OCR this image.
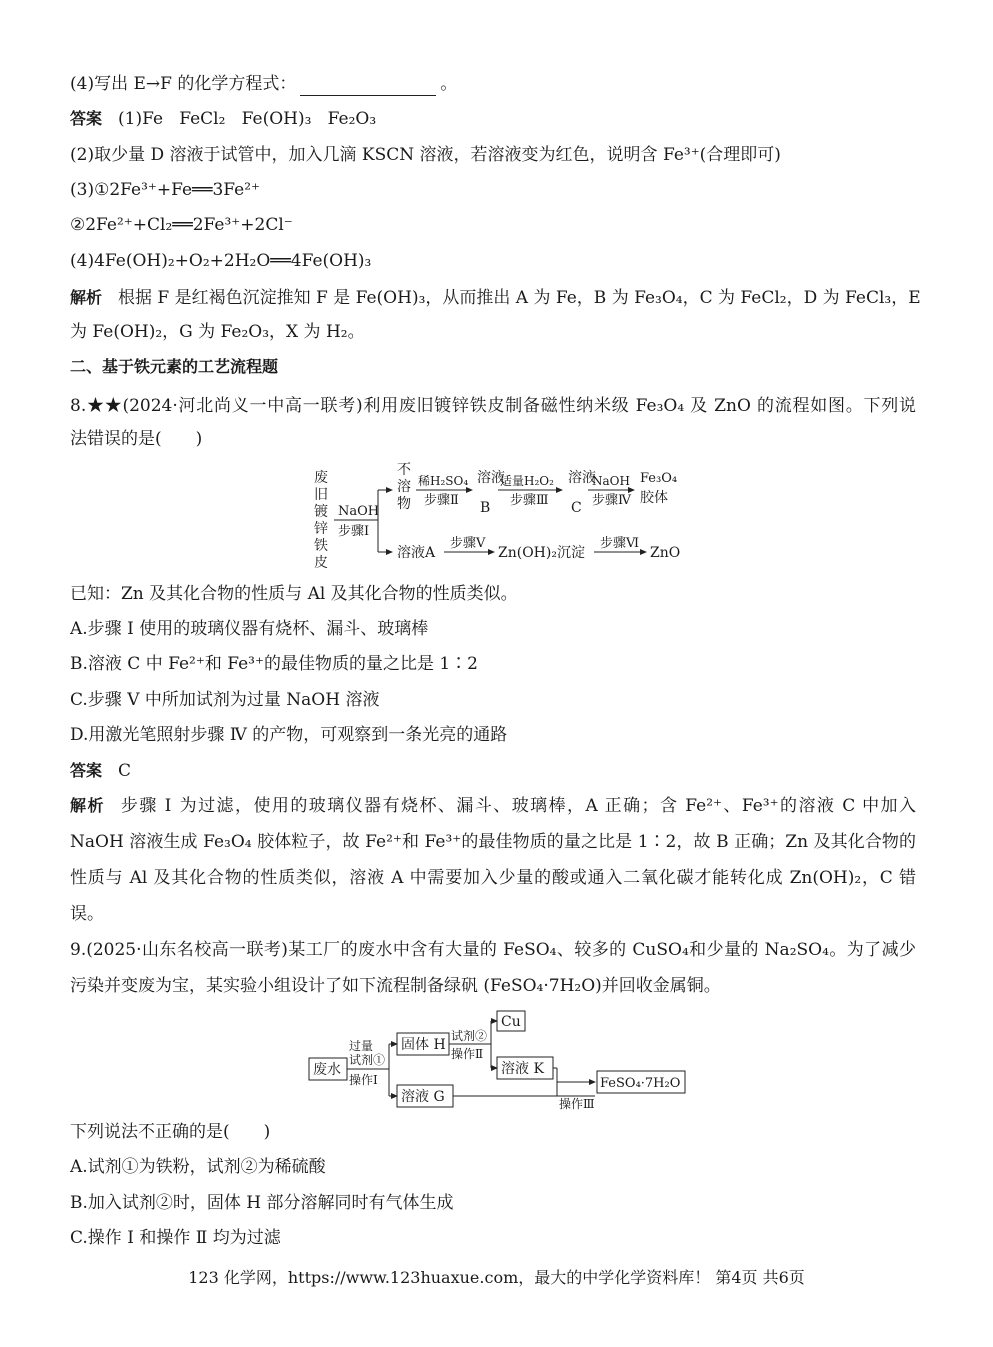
(4)写出 E→F 的化学方程式：	。
答案 (1)Fe FeCl₂ Fe(OH)₃ Fe₂O₃
(2)取少量 D 溶液于试管中，加入几滴 KSCN 溶液，若溶液变为红色，说明含 Fe³⁺(合理即可)
(3)①2Fe³⁺+Fe══3Fe²⁺
②2Fe²⁺+Cl₂══2Fe³⁺+2Cl⁻
(4)4Fe(OH)₂+O₂+2H₂O══4Fe(OH)₃
解析 根据 F 是红褐色沉淀推知 F 是 Fe(OH)₃，从而推出 A 为 Fe，B 为 Fe₃O₄，C 为 FeCl₂，D 为 FeCl₃，E
为 Fe(OH)₂，G 为 Fe₂O₃，X 为 H₂。
二、基于铁元素的工艺流程题
8.★★(2024·河北尚义一中高一联考)利用废旧镀锌铁皮制备磁性纳米级 Fe₃O₄ 及 ZnO 的流程如图。下列说
法错误的是(　　)
废旧镀锌铁皮
NaOH
步骤Ⅰ
不溶物
稀H₂SO₄
步骤Ⅱ
溶液
B
适量H₂O₂
步骤Ⅲ
溶液
C
NaOH
步骤Ⅳ
Fe₃O₄
胶体
溶液A
步骤Ⅴ
Zn(OH)₂沉淀
步骤Ⅵ
ZnO
已知：Zn 及其化合物的性质与 Al 及其化合物的性质类似。
A.步骤 Ⅰ 使用的玻璃仪器有烧杯、漏斗、玻璃棒
B.溶液 C 中 Fe²⁺和 Fe³⁺的最佳物质的量之比是 1∶2
C.步骤 Ⅴ 中所加试剂为过量 NaOH 溶液
D.用激光笔照射步骤 Ⅳ 的产物，可观察到一条光亮的通路
答案 C
解析 步骤 Ⅰ 为过滤，使用的玻璃仪器有烧杯、漏斗、玻璃棒，A 正确；含 Fe²⁺、Fe³⁺的溶液 C 中加入
NaOH 溶液生成 Fe₃O₄ 胶体粒子，故 Fe²⁺和 Fe³⁺的最佳物质的量之比是 1∶2，故 B 正确；Zn 及其化合物的
性质与 Al 及其化合物的性质类似，溶液 A 中需要加入少量的酸或通入二氧化碳才能转化成 Zn(OH)₂，C 错
误。
9.(2025·山东名校高一联考)某工厂的废水中含有大量的 FeSO₄、较多的 CuSO₄和少量的 Na₂SO₄。为了减少
污染并变废为宝，某实验小组设计了如下流程制备绿矾 (FeSO₄·7H₂O)并回收金属铜。
废水
过量
试剂①
操作Ⅰ
固体 H
试剂②
操作Ⅱ
Cu
溶液 K
溶液 G	操作Ⅲ
FeSO₄·7H₂O
下列说法不正确的是(　　)
A.试剂①为铁粉，试剂②为稀硫酸
B.加入试剂②时，固体 H 部分溶解同时有气体生成
C.操作 Ⅰ 和操作 Ⅱ 均为过滤
123 化学网，https://www.123huaxue.com，最大的中学化学资料库！ 第4页 共6页
